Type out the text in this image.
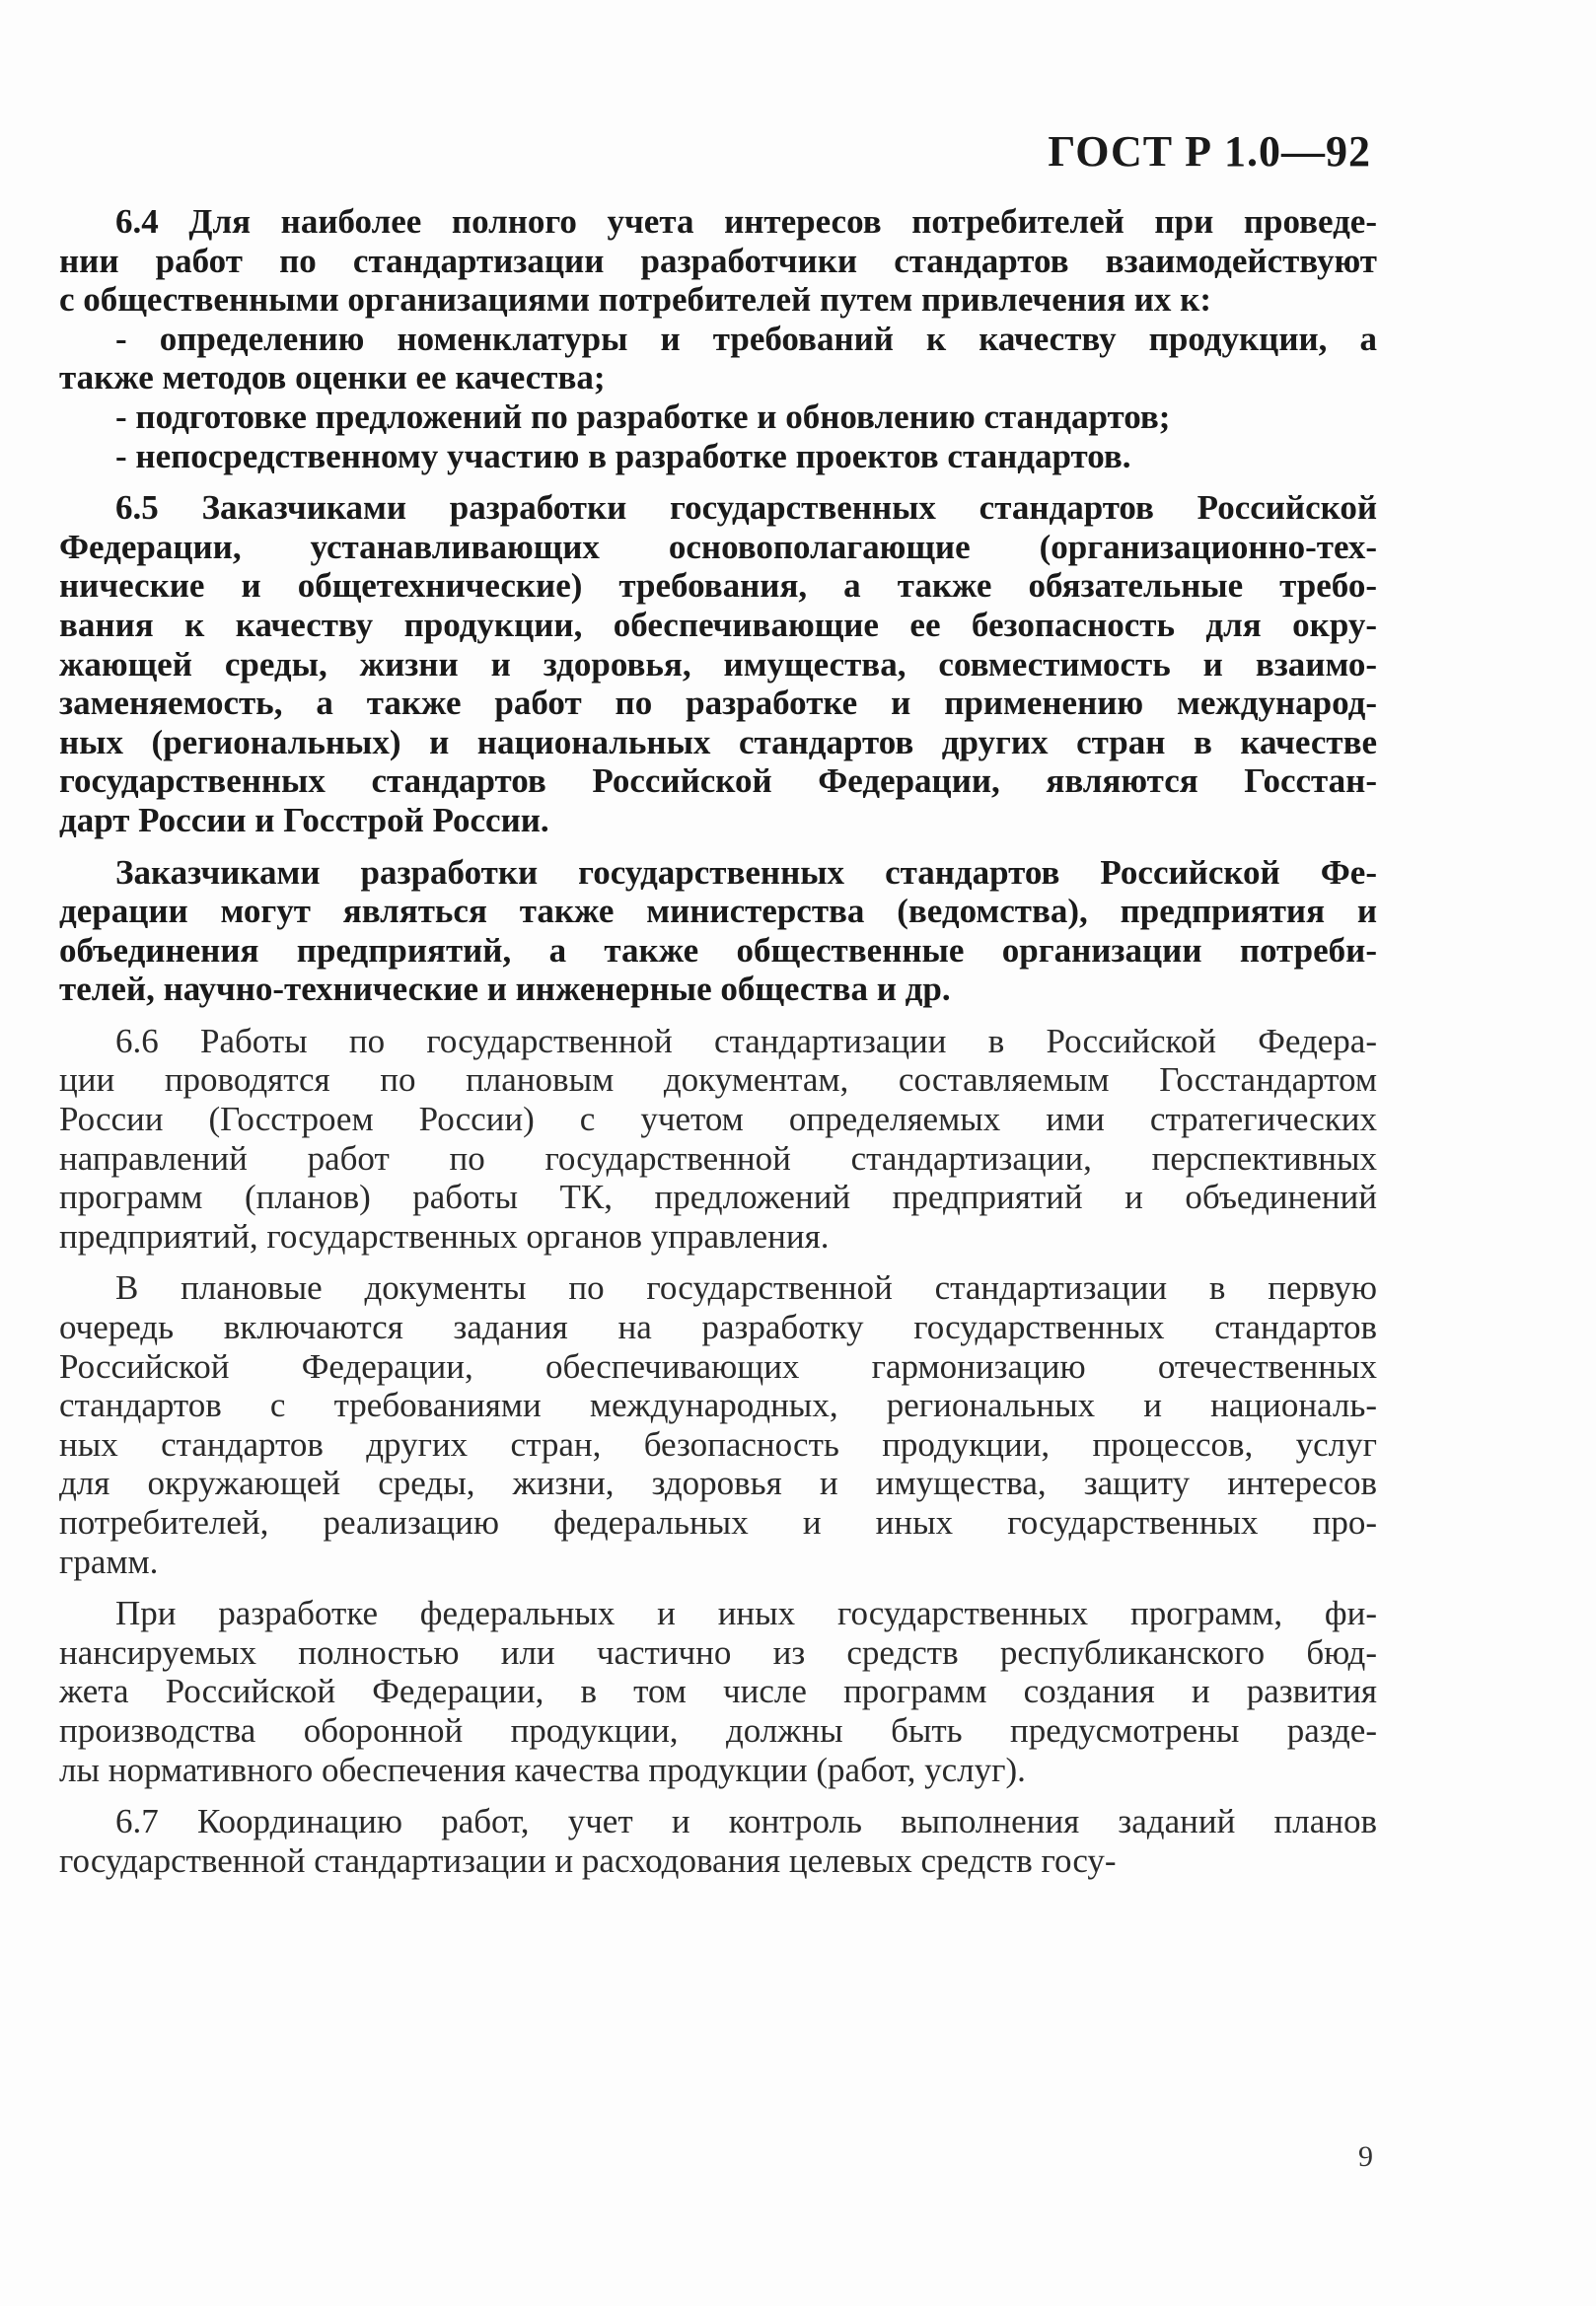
ГОСТ Р 1.0—92
6.4 Для наиболее полного учета интересов потребителей при проведе-
нии работ по стандартизации разработчики стандартов взаимодействуют
с общественными организациями потребителей путем привлечения их к:
- определению номенклатуры и требований к качеству продукции, а
также методов оценки ее качества;
- подготовке предложений по разработке и обновлению стандартов;
- непосредственному участию в разработке проектов стандартов.
6.5 Заказчиками разработки государственных стандартов Российской
Федерации, устанавливающих основополагающие (организационно-тех-
нические и общетехнические) требования, а также обязательные требо-
вания к качеству продукции, обеспечивающие ее безопасность для окру-
жающей среды, жизни и здоровья, имущества, совместимость и взаимо-
заменяемость, а также работ по разработке и применению международ-
ных (региональных) и национальных стандартов других стран в качестве
государственных стандартов Российской Федерации, являются Госстан-
дарт России и Госстрой России.
Заказчиками разработки государственных стандартов Российской Фе-
дерации могут являться также министерства (ведомства), предприятия и
объединения предприятий, а также общественные организации потреби-
телей, научно-технические и инженерные общества и др.
6.6 Работы по государственной стандартизации в Российской Федера-
ции проводятся по плановым документам, составляемым Госстандартом
России (Госстроем России) с учетом определяемых ими стратегических
направлений работ по государственной стандартизации, перспективных
программ (планов) работы ТК, предложений предприятий и объединений
предприятий, государственных органов управления.
В плановые документы по государственной стандартизации в первую
очередь включаются задания на разработку государственных стандартов
Российской Федерации, обеспечивающих гармонизацию отечественных
стандартов с требованиями международных, региональных и националь-
ных стандартов других стран, безопасность продукции, процессов, услуг
для окружающей среды, жизни, здоровья и имущества, защиту интересов
потребителей, реализацию федеральных и иных государственных про-
грамм.
При разработке федеральных и иных государственных программ, фи-
нансируемых полностью или частично из средств республиканского бюд-
жета Российской Федерации, в том числе программ создания и развития
производства оборонной продукции, должны быть предусмотрены разде-
лы нормативного обеспечения качества продукции (работ, услуг).
6.7 Координацию работ, учет и контроль выполнения заданий планов
государственной стандартизации и расходования целевых средств госу-
9
